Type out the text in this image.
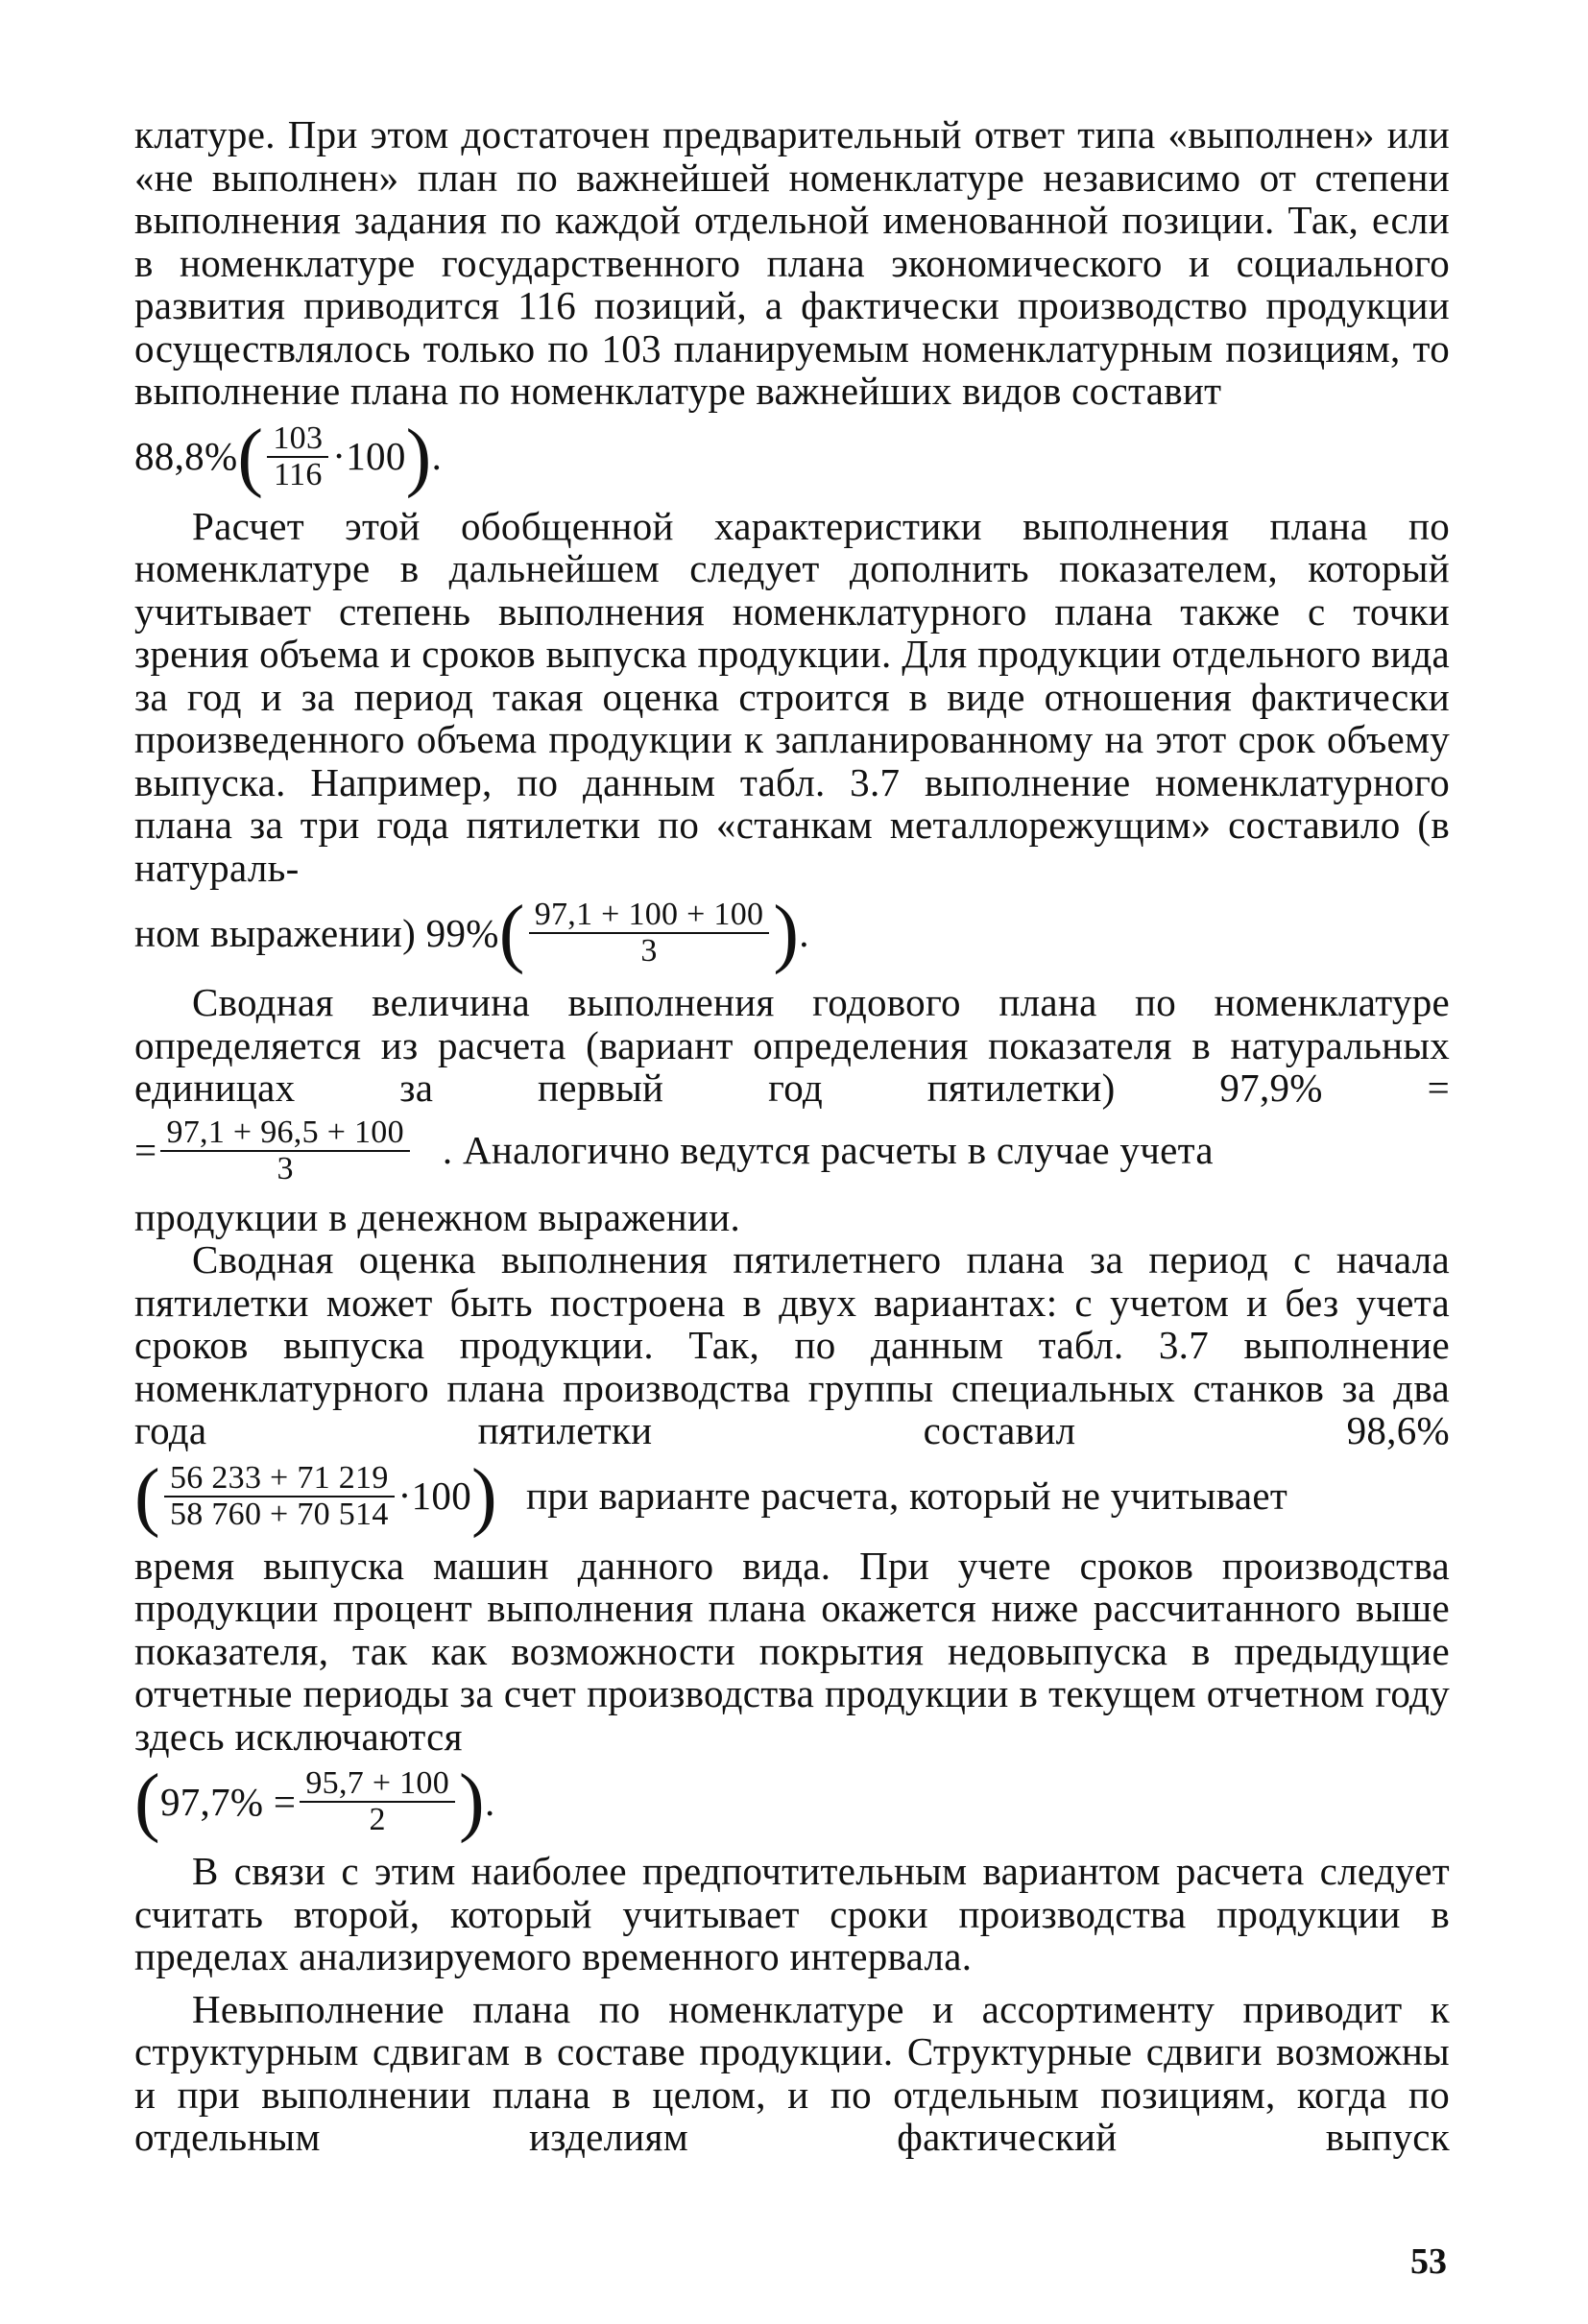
клатуре. При этом достаточен предварительный ответ типа «выполнен» или «не выполнен» план по важнейшей номенклатуре независимо от степени выполнения задания по каждой отдельной именованной позиции. Так, если в номенклатуре государственного плана экономического и социального развития приводится 116 позиций, а фактически производство продукции осуществлялось только по 103 планируемым номенклатурным позициям, то выполнение плана по номенклатуре важнейших видов составит

88,8% ( $\frac{103}{116} \cdot 100$ ) .

Расчет этой обобщенной характеристики выполнения плана по номенклатуре в дальнейшем следует дополнить показателем, который учитывает степень выполнения номенклатурного плана также с точки зрения объема и сроков выпуска продукции. Для продукции отдельного вида за год и за период такая оценка строится в виде отношения фактически произведенного объема продукции к запланированному на этот срок объему выпуска. Например, по данным табл. 3.7 выполнение номенклатурного плана за три года пятилетки по «станкам металлорежущим» составило (в натураль-

ном выражении) 99% ( $\frac{97,1 + 100 + 100}{3}$ ) .

Сводная величина выполнения годового плана по номенклатуре определяется из расчета (вариант определения показателя в натуральных единицах за первый год пятилетки) 97,9% =

= $\frac{97,1 + 96,5 + 100}{3}$ . Аналогично ведутся расчеты в случае учета

продукции в денежном выражении.

Сводная оценка выполнения пятилетнего плана за период с начала пятилетки может быть построена в двух вариантах: с учетом и без учета сроков выпуска продукции. Так, по данным табл. 3.7 выполнение номенклатурного плана производства группы специальных станков за два года пятилетки составил 98,6%

( $\frac{56 233 + 71 219}{58 760 + 70 514} \cdot 100$ ) при варианте расчета, который не учитывает

время выпуска машин данного вида. При учете сроков производства продукции процент выполнения плана окажется ниже рассчитанного выше показателя, так как возможности покрытия недовыпуска в предыдущие отчетные периоды за счет производства продукции в текущем отчетном году здесь исключаются

( $97,7\% = \frac{95,7 + 100}{2}$ ) .

В связи с этим наиболее предпочтительным вариантом расчета следует считать второй, который учитывает сроки производства продукции в пределах анализируемого временного интервала.

Невыполнение плана по номенклатуре и ассортименту приводит к структурным сдвигам в составе продукции. Структурные сдвиги возможны и при выполнении плана в целом, и по отдельным позициям, когда по отдельным изделиям фактический выпуск

53
